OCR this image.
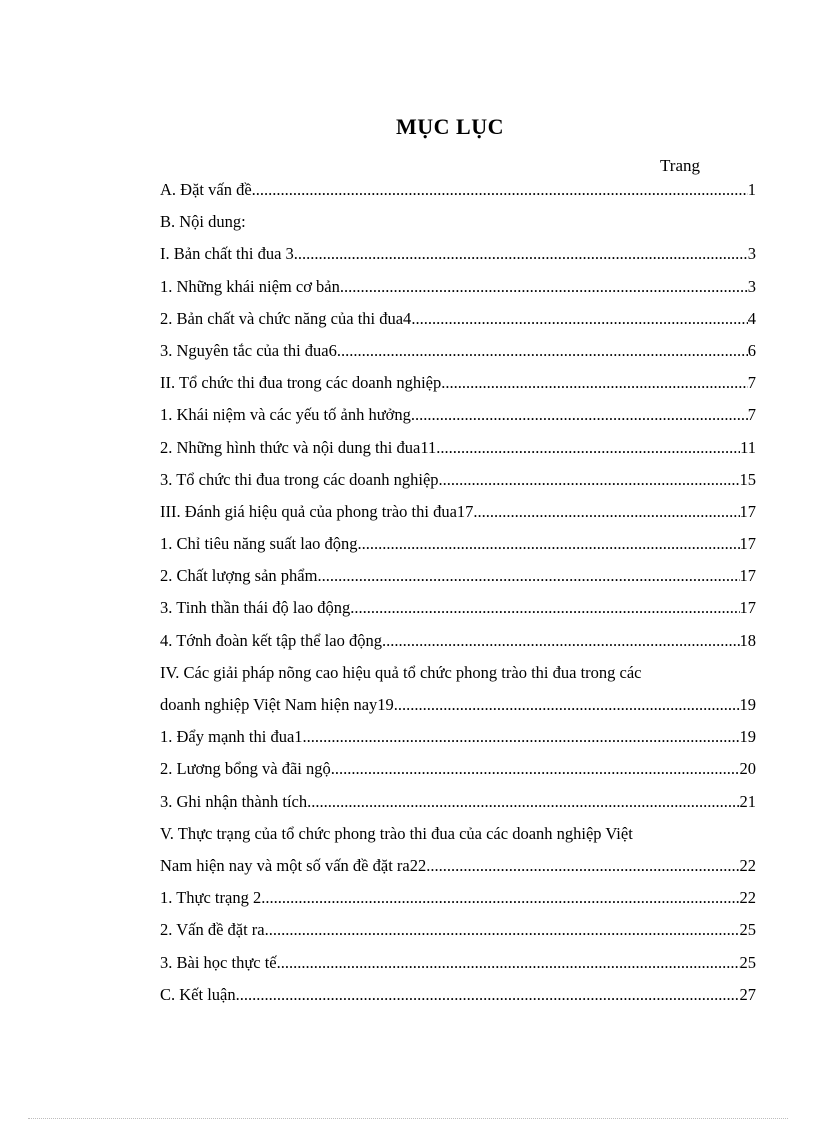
MỤC LỤC
Trang
A. Đặt vấn đề .....	1
B. Nội dung:
I. Bản chất thi đua 3 .....	3
1. Những khái niệm cơ bản .....	3
2. Bản chất và chức năng của thi đua4 .....	4
3. Nguyên tắc của thi đua6 .....	6
II. Tổ chức thi đua trong các doanh nghiệp .....	7
1. Khái niệm và các yếu tố ảnh hưởng .....	7
2. Những hình thức và nội dung thi đua11 .....	11
3. Tổ chức thi đua trong các doanh nghiệp .....	15
III. Đánh giá hiệu quả của phong trào thi đua17 .....	17
1. Chỉ tiêu năng suất lao động .....	17
2. Chất lượng sản phẩm .....	17
3. Tinh thần thái độ lao động .....	17
4. Tớnh đoàn kết tập thể lao động .....	18
IV. Các giải pháp nõng cao hiệu quả tổ chức phong trào thi đua trong các
doanh nghiệp Việt Nam hiện nay19 .....	19
1. Đẩy mạnh thi đua1 .....	19
2. Lương bổng và đãi ngộ .....	20
3. Ghi nhận thành tích .....	21
V. Thực trạng của tổ chức phong trào thi đua của các doanh nghiệp Việt
Nam hiện nay và một số vấn đề đặt ra22 .....	22
1. Thực trạng 2 .....	22
2. Vấn đề đặt ra .....	25
3. Bài học thực tế .....	25
C. Kết luận .....	27
